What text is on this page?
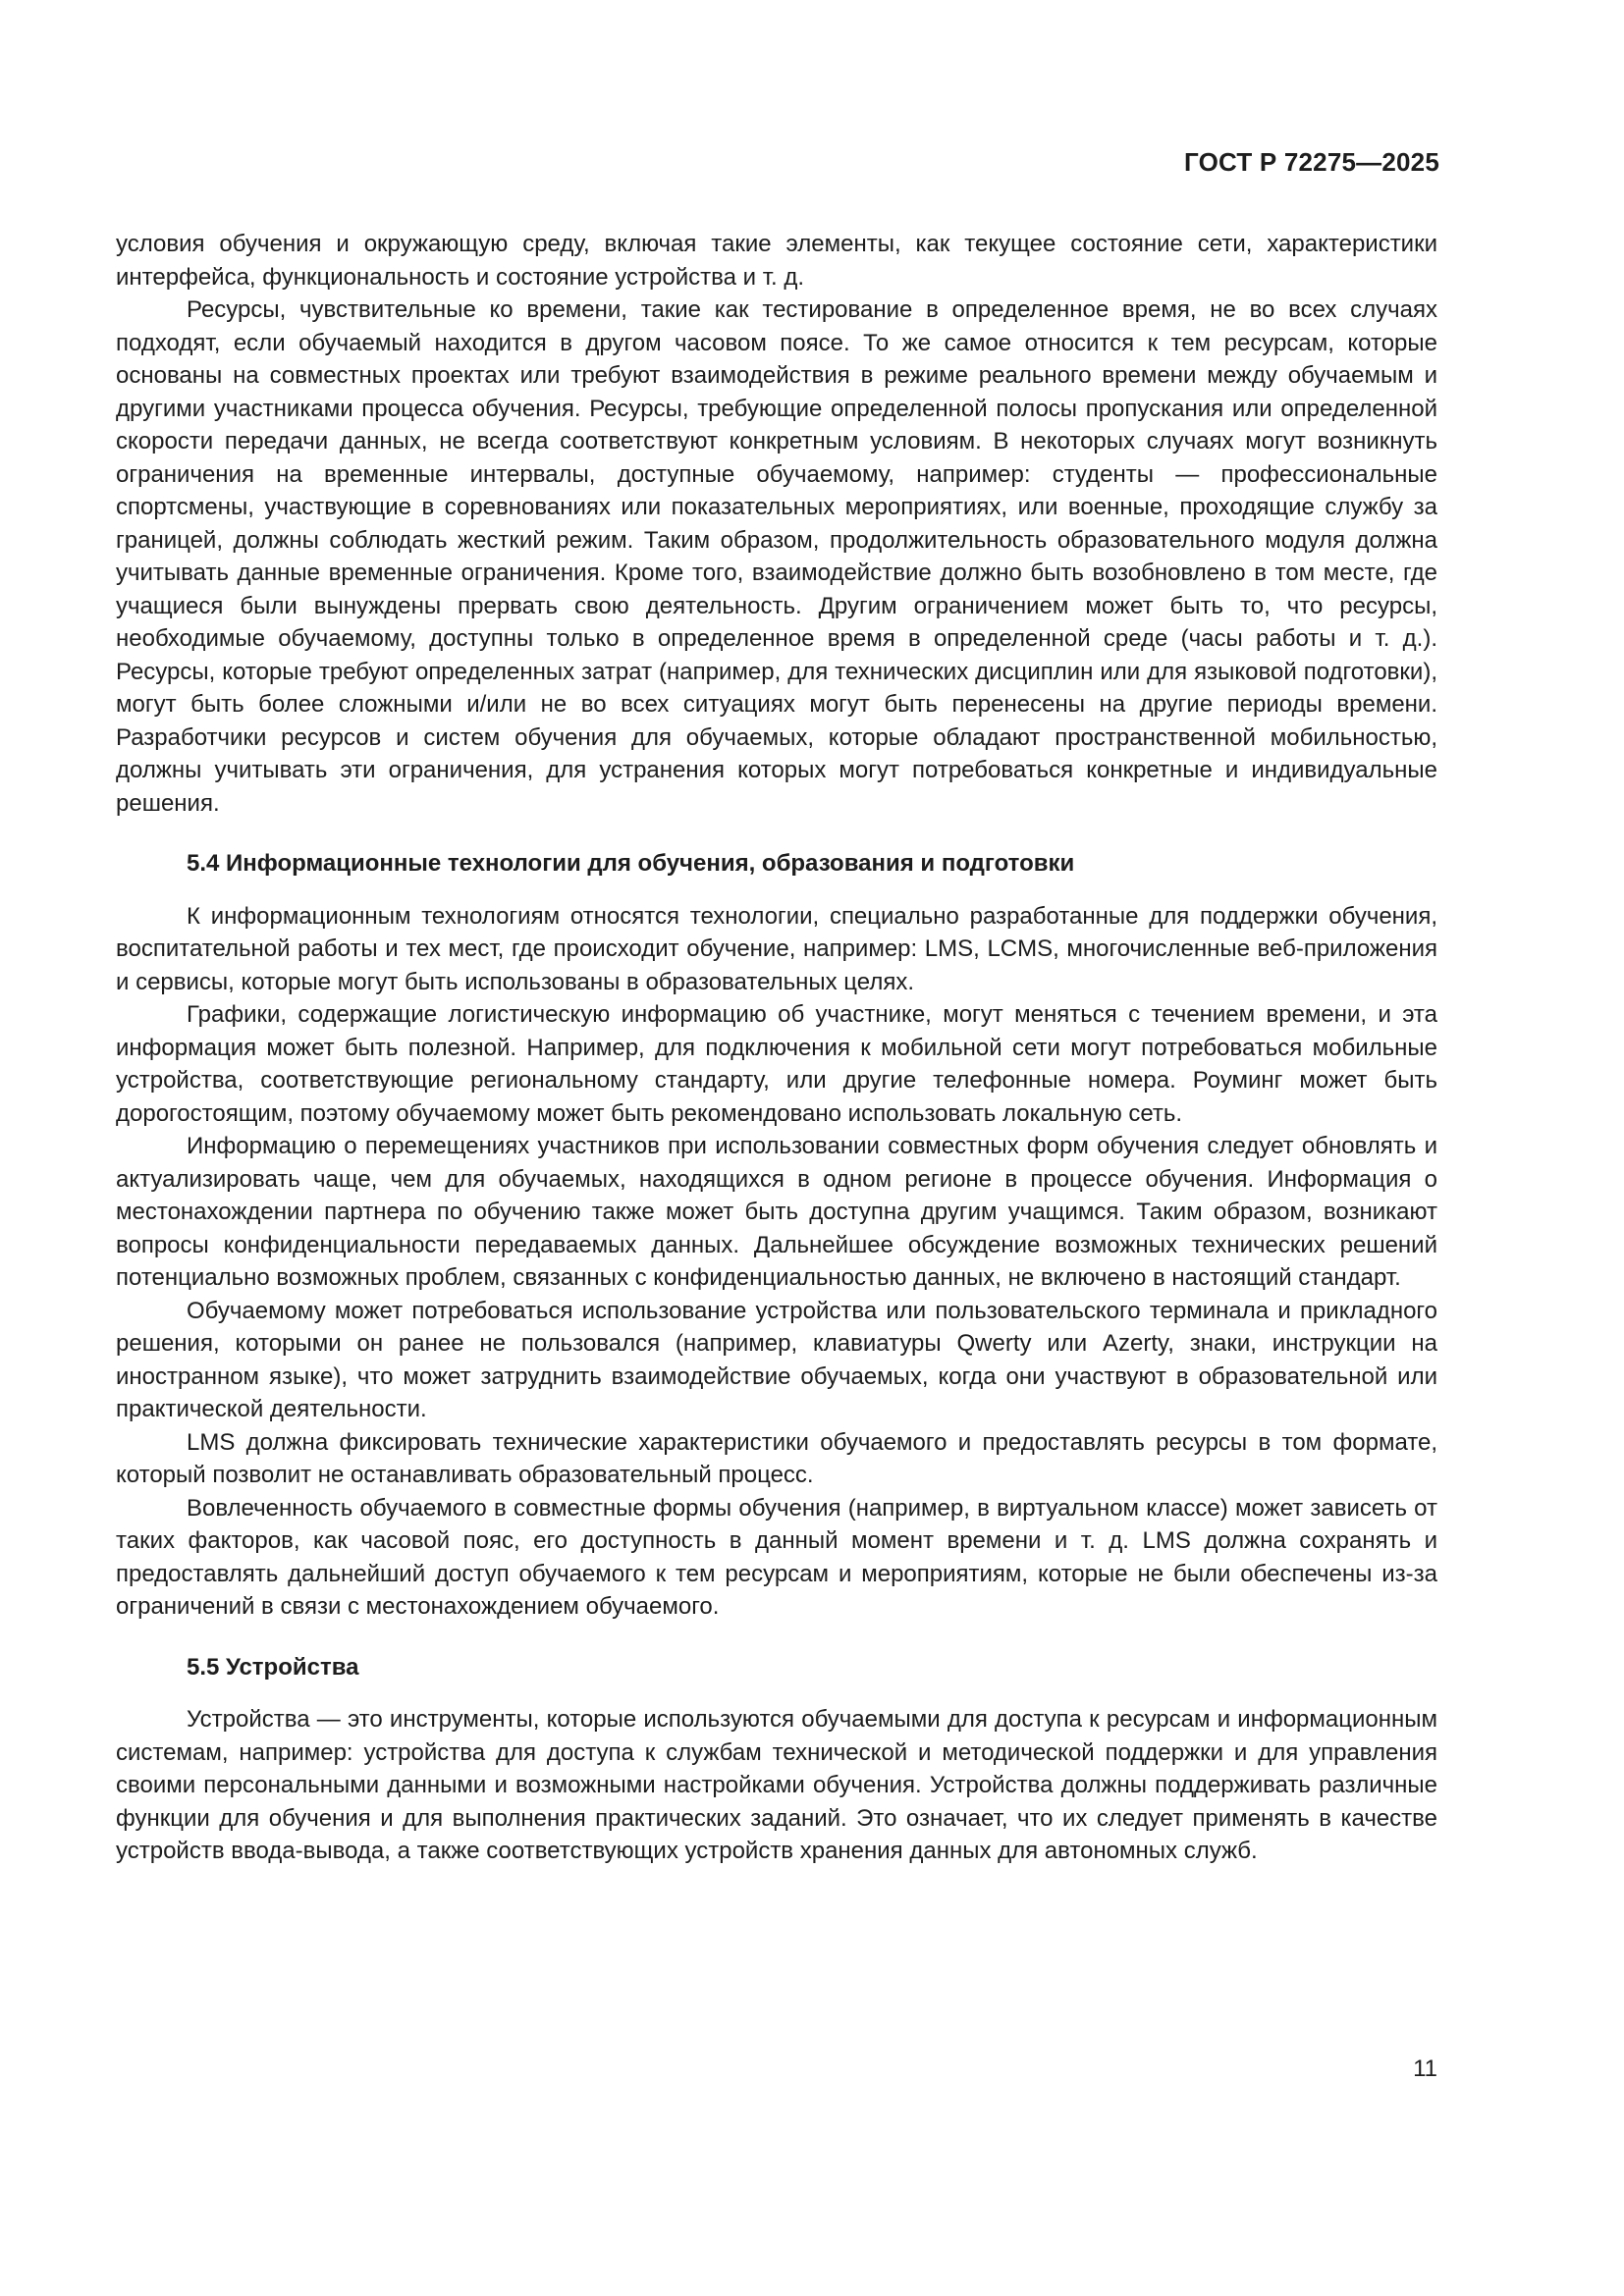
ГОСТ Р 72275—2025

условия обучения и окружающую среду, включая такие элементы, как текущее состояние сети, характеристики интерфейса, функциональность и состояние устройства и т. д.

Ресурсы, чувствительные ко времени, такие как тестирование в определенное время, не во всех случаях подходят, если обучаемый находится в другом часовом поясе. То же самое относится к тем ресурсам, которые основаны на совместных проектах или требуют взаимодействия в режиме реального времени между обучаемым и другими участниками процесса обучения. Ресурсы, требующие определенной полосы пропускания или определенной скорости передачи данных, не всегда соответствуют конкретным условиям. В некоторых случаях могут возникнуть ограничения на временные интервалы, доступные обучаемому, например: студенты — профессиональные спортсмены, участвующие в соревнованиях или показательных мероприятиях, или военные, проходящие службу за границей, должны соблюдать жесткий режим. Таким образом, продолжительность образовательного модуля должна учитывать данные временные ограничения. Кроме того, взаимодействие должно быть возобновлено в том месте, где учащиеся были вынуждены прервать свою деятельность. Другим ограничением может быть то, что ресурсы, необходимые обучаемому, доступны только в определенное время в определенной среде (часы работы и т. д.). Ресурсы, которые требуют определенных затрат (например, для технических дисциплин или для языковой подготовки), могут быть более сложными и/или не во всех ситуациях могут быть перенесены на другие периоды времени. Разработчики ресурсов и систем обучения для обучаемых, которые обладают пространственной мобильностью, должны учитывать эти ограничения, для устранения которых могут потребоваться конкретные и индивидуальные решения.

5.4 Информационные технологии для обучения, образования и подготовки

К информационным технологиям относятся технологии, специально разработанные для поддержки обучения, воспитательной работы и тех мест, где происходит обучение, например: LMS, LCMS, многочисленные веб-приложения и сервисы, которые могут быть использованы в образовательных целях.

Графики, содержащие логистическую информацию об участнике, могут меняться с течением времени, и эта информация может быть полезной. Например, для подключения к мобильной сети могут потребоваться мобильные устройства, соответствующие региональному стандарту, или другие телефонные номера. Роуминг может быть дорогостоящим, поэтому обучаемому может быть рекомендовано использовать локальную сеть.

Информацию о перемещениях участников при использовании совместных форм обучения следует обновлять и актуализировать чаще, чем для обучаемых, находящихся в одном регионе в процессе обучения. Информация о местонахождении партнера по обучению также может быть доступна другим учащимся. Таким образом, возникают вопросы конфиденциальности передаваемых данных. Дальнейшее обсуждение возможных технических решений потенциально возможных проблем, связанных с конфиденциальностью данных, не включено в настоящий стандарт.

Обучаемому может потребоваться использование устройства или пользовательского терминала и прикладного решения, которыми он ранее не пользовался (например, клавиатуры Qwerty или Azerty, знаки, инструкции на иностранном языке), что может затруднить взаимодействие обучаемых, когда они участвуют в образовательной или практической деятельности.

LMS должна фиксировать технические характеристики обучаемого и предоставлять ресурсы в том формате, который позволит не останавливать образовательный процесс.

Вовлеченность обучаемого в совместные формы обучения (например, в виртуальном классе) может зависеть от таких факторов, как часовой пояс, его доступность в данный момент времени и т. д. LMS должна сохранять и предоставлять дальнейший доступ обучаемого к тем ресурсам и мероприятиям, которые не были обеспечены из-за ограничений в связи с местонахождением обучаемого.

5.5 Устройства

Устройства — это инструменты, которые используются обучаемыми для доступа к ресурсам и информационным системам, например: устройства для доступа к службам технической и методической поддержки и для управления своими персональными данными и возможными настройками обучения. Устройства должны поддерживать различные функции для обучения и для выполнения практических заданий. Это означает, что их следует применять в качестве устройств ввода-вывода, а также соответствующих устройств хранения данных для автономных служб.

11
